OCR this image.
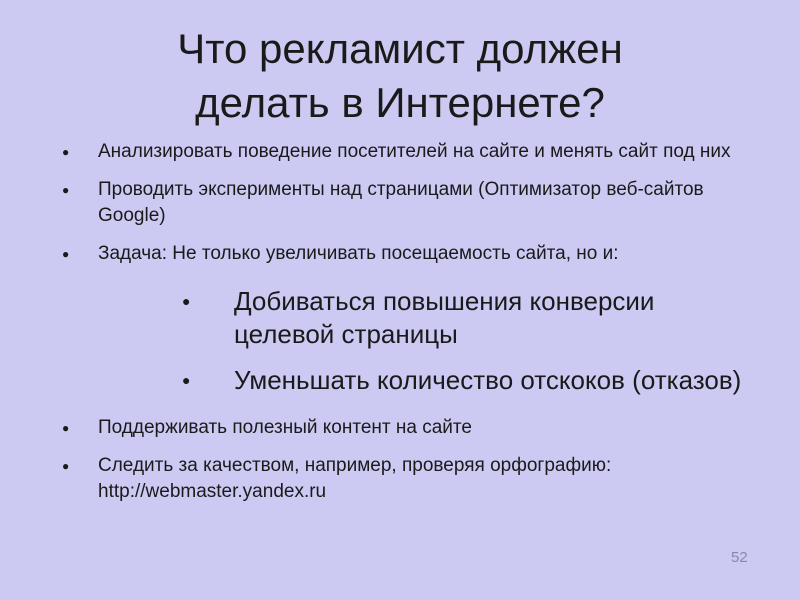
Что рекламист должен
делать в Интернете?
● Анализировать поведение посетителей на сайте и менять сайт под них
● Проводить эксперименты над страницами (Оптимизатор веб-сайтов Google)
● Задача: Не только увеличивать посещаемость сайта, но и:
● Добиваться повышения конверсии целевой страницы
● Уменьшать количество отскоков (отказов)
● Поддерживать полезный контент на сайте
● Следить за качеством, например, проверяя орфографию: http://webmaster.yandex.ru
52
